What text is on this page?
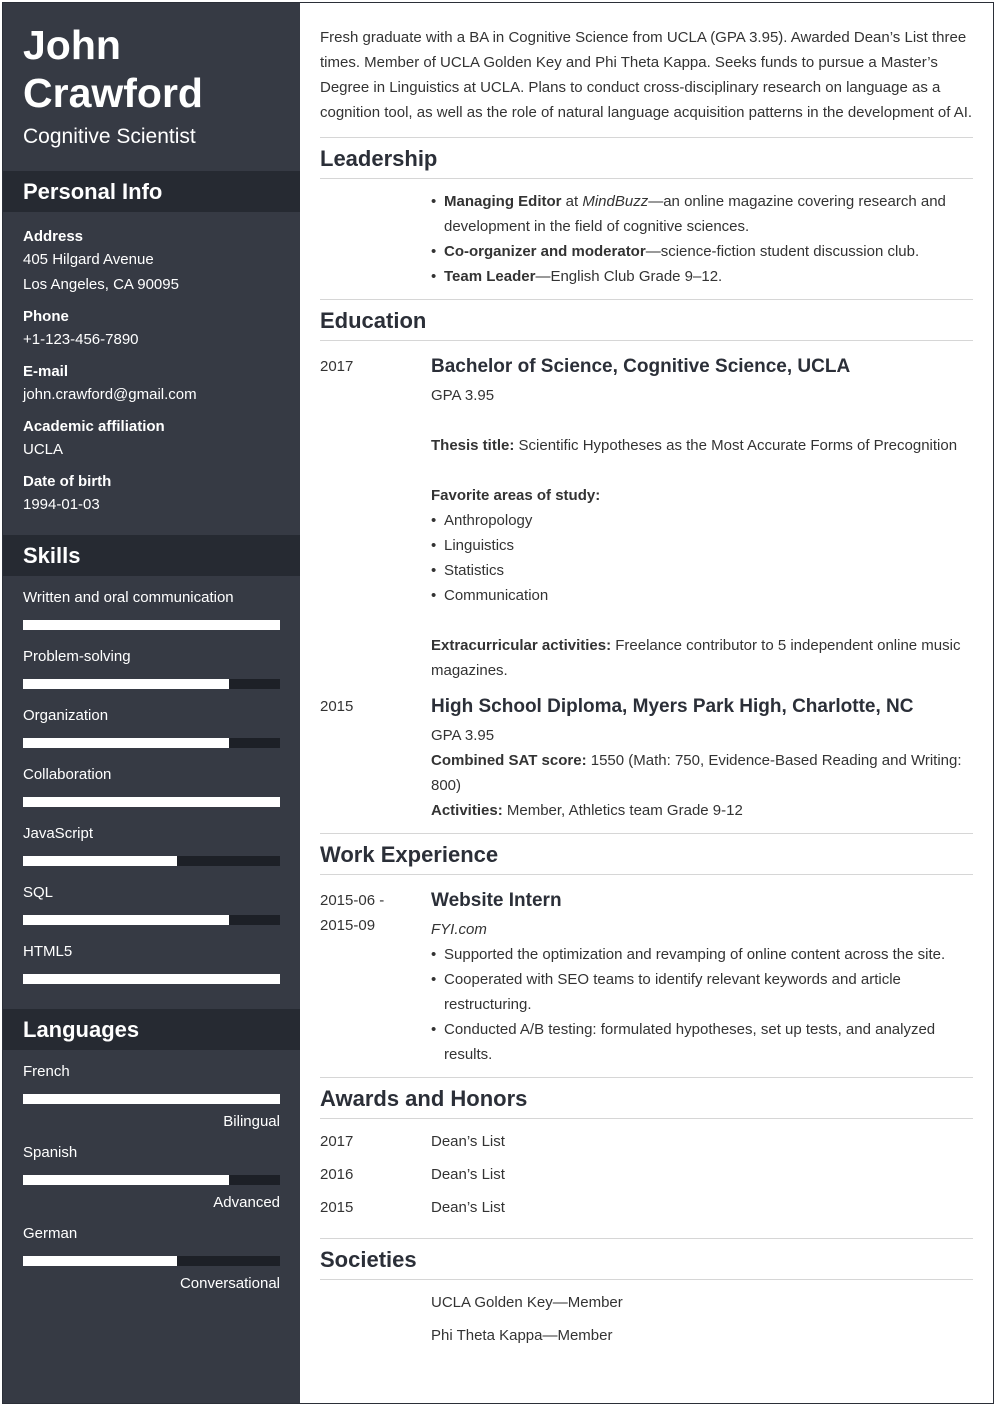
John
Crawford
Cognitive Scientist
Personal Info
Address
405 Hilgard Avenue
Los Angeles, CA 90095
Phone
+1-123-456-7890
E-mail
john.crawford@gmail.com
Academic affiliation
UCLA
Date of birth
1994-01-03
Skills
Written and oral communication
Problem-solving
Organization
Collaboration
JavaScript
SQL
HTML5
Languages
French
Bilingual
Spanish
Advanced
German
Conversational
Fresh graduate with a BA in Cognitive Science from UCLA (GPA 3.95). Awarded Dean’s List three times. Member of UCLA Golden Key and Phi Theta Kappa. Seeks funds to pursue a Master’s Degree in Linguistics at UCLA. Plans to conduct cross-disciplinary research on language as a cognition tool, as well as the role of natural language acquisition patterns in the development of AI.
Leadership
• Managing Editor at MindBuzz—an online magazine covering research and development in the field of cognitive sciences.
• Co-organizer and moderator—science-fiction student discussion club.
• Team Leader—English Club Grade 9–12.
Education
2017	Bachelor of Science, Cognitive Science, UCLA
GPA 3.95
Thesis title: Scientific Hypotheses as the Most Accurate Forms of Precognition
Favorite areas of study:
• Anthropology
• Linguistics
• Statistics
• Communication
Extracurricular activities: Freelance contributor to 5 independent online music magazines.
2015	High School Diploma, Myers Park High, Charlotte, NC
GPA 3.95
Combined SAT score: 1550 (Math: 750, Evidence-Based Reading and Writing: 800)
Activities: Member, Athletics team Grade 9-12
Work Experience
2015-06 -
2015-09
Website Intern
FYI.com
• Supported the optimization and revamping of online content across the site.
• Cooperated with SEO teams to identify relevant keywords and article restructuring.
• Conducted A/B testing: formulated hypotheses, set up tests, and analyzed results.
Awards and Honors
2017	Dean’s List
2016	Dean’s List
2015	Dean’s List
Societies
UCLA Golden Key—Member
Phi Theta Kappa—Member
